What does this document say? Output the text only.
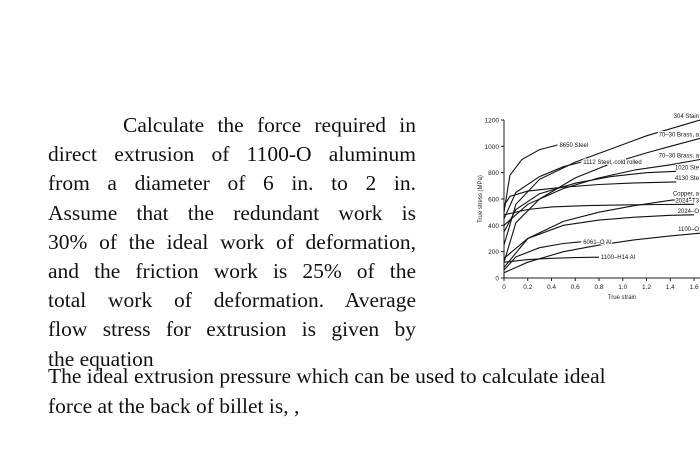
Calculate the force required in
direct extrusion of 1100-O aluminum
from a diameter of 6 in. to 2 in.
Assume that the redundant work is
30% of the ideal work of deformation,
and the friction work is 25% of the
total work of deformation. Average
flow stress for extrusion is given by
the equation
The ideal extrusion pressure which can be used to calculate ideal
force at the back of billet is, ,
0
200
400
600
800
1000
1200
0	0.2 0.4 0.6 0.8 1.0 1.2 1.4 1.6
True stress (MPa)
True strain
304 Stain
70–30 Brass, a
8650 Steel
1112 Steel, cold rolled
70–30 Brass, a
1020 Ste
4130 Ste
Copper, a
2024–T3
2024–O
1100–O
6061–O Al
1100–H14 Al
